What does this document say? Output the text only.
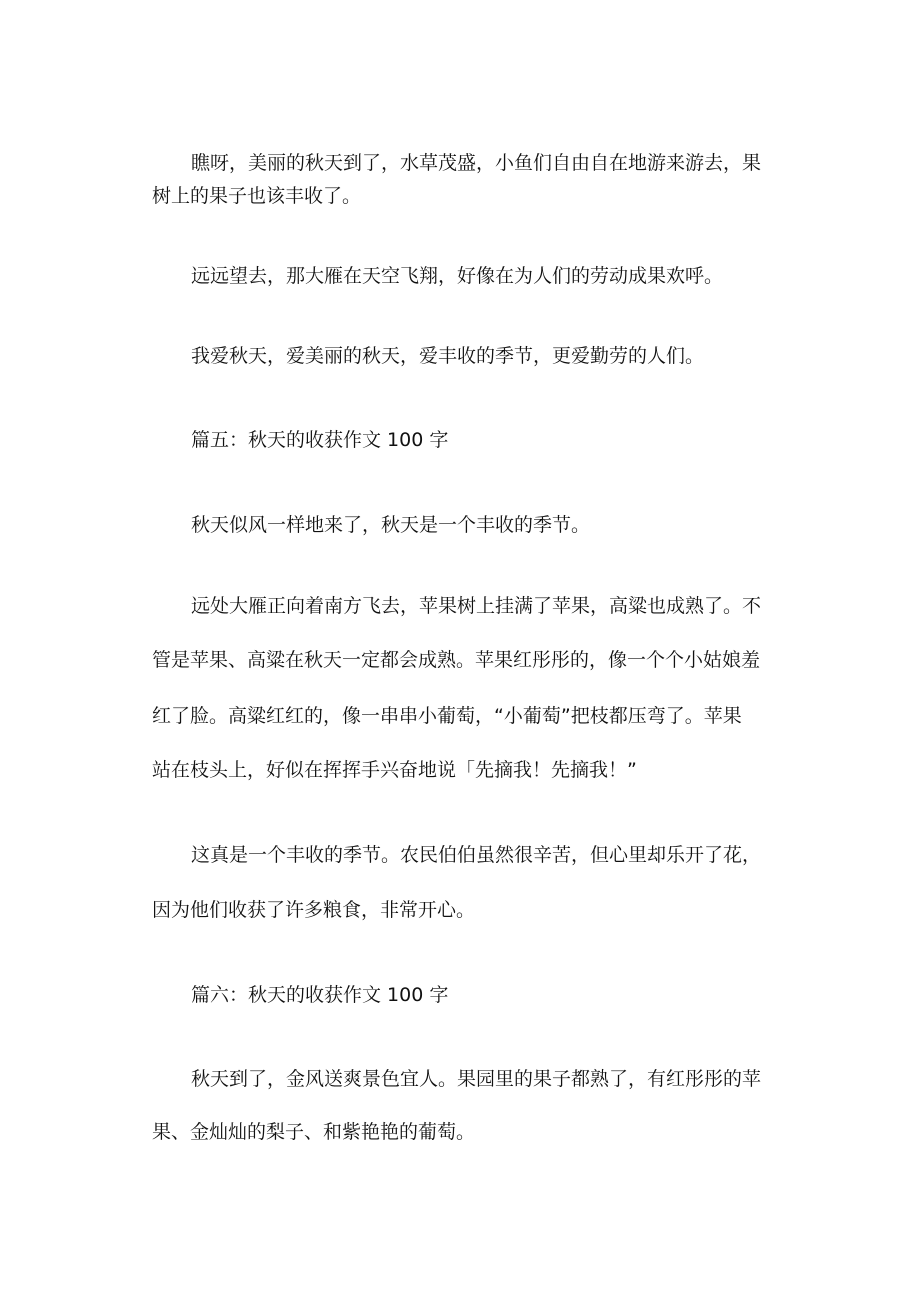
瞧呀，美丽的秋天到了，水草茂盛，小鱼们自由自在地游来游去，果

树上的果子也该丰收了。

远远望去，那大雁在天空飞翔，好像在为人们的劳动成果欢呼。

我爱秋天，爱美丽的秋天，爱丰收的季节，更爱勤劳的人们。

篇五：秋天的收获作文 100 字

秋天似风一样地来了，秋天是一个丰收的季节。

远处大雁正向着南方飞去，苹果树上挂满了苹果，高粱也成熟了。不

管是苹果、高粱在秋天一定都会成熟。苹果红彤彤的，像一个个小姑娘羞

红了脸。高粱红红的，像一串串小葡萄，“小葡萄”把枝都压弯了。苹果

站在枝头上，好似在挥挥手兴奋地说「先摘我！先摘我！”

这真是一个丰收的季节。农民伯伯虽然很辛苦，但心里却乐开了花，

因为他们收获了许多粮食，非常开心。

篇六：秋天的收获作文 100 字

秋天到了，金风送爽景色宜人。果园里的果子都熟了，有红彤彤的苹

果、金灿灿的梨子、和紫艳艳的葡萄。
